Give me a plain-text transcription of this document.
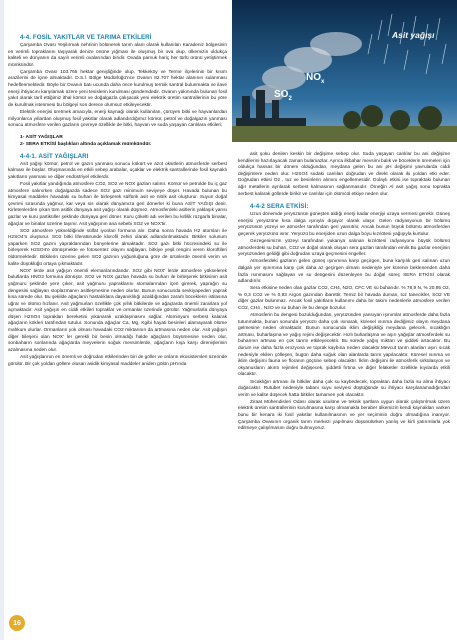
4-4. FOSİL YAKITLAR VE TARIMA ETKİLERİ

Çarşamba Ovası Yeşilırmak nehrinin bölünerek tarım alanı olarak kullanılan Karadeniz bölgesinin en verimli topraklarını taşıyarak denize önüne yığması ile oluşmuş bir ova olup, ülkemizin oldukça kaliteli ve dünyanın da sayılı verimli ovalarından biridir. Ovada pamuk hariç her türlü ürünü yetiştirmek mümkündür.

Çarşamba Ovası 103.765 hektar genişliğinde olup, Tekkeköy ve Terme ilçelerinin bir kısım arazilerini de içine almaktadır. D.S.İ. Bölge Müdürlüğü'nce Ovanın 82.707 hektar alanının sulanması hedeflenmektedir. Böyle bir Ovanın batı ucunda daha önce kurulmuş termik santral bulunmakta ve ilave enerji ihtiyacını karşılamak üzere yeni tesislerin kurulması gündemdedir. Ovanın yakınında bulunan fosil yakıt olarak tarif ettiğimiz ithal kömür ve doğalgazla çalışacak yeni elektrik üretim santrallerinin bu yöre de kurulmak istenmesi bu bölgeyi son derece olumsuz etkileyecektir.

Elektrik enerjisi üretmek amacıyla, enerji kaynağı olarak kullanılan, çürüyen bitki ve hayvanlardan milyonlarca yıllardan oluşmuş fosil yakıtlar olarak adlandırdığımız kömür, petrol ve doğalgazın yanması sonucu atmosfere verilen gazların çevreye özellikle de bitki, hayvan ve suda yaşayan canlılara etkileri;

1- ASİT YAĞIŞLAR
2- SERA ETKİSİ başlıkları altında açıklamak mümkündür.
4-4-1. ASİT YAĞIŞLARI

Asit yağışı kömür, petrol ve gazın yanması sonucu kükürt ve azot oksitlerin atmosferde serbest kalması ile başlar. Oluşmasında en etkili sebep arabalar, uçaklar ve elektrik santrallerinde fosil kaynaklı yakıtların yanması ve diğer endüstriyel etkilerdir.

Fosil yakıtlar yandığında atmosfere CO2, SO2 ve NOX gazları salınır. Kömür ve petrolde bu iç gaz atmosfere salınırken doğalgazda sadece SO2 gazı minimum seviyeye düşer. Havada bulunan bu kimyasal maddeler havadaki su buharı ile birleşerek sülfürik asit ve nitrik asit oluşturur. Suyun doğal çevrimi sırasında yağmur, kar veya sis olarak dünyamıza geri dönerler ki buna ASİT YAĞIŞI denir. Kirletenlerden çıkan tüm asitlik dünyaya asit yağışı olarak düşmez. Atmosferdeki asitlerin yaklaşık yarısı gazlar ve kuru partiküller şeklinde dünyaya geri döner. Kuru çökelti adı verilen bu kirlilik rüzgarla binalar, ağaçlar ve binalar üzerine taşınır. Asit yağışının ana sebebi SO2 ve NOX'tir.

SO2 atmosfere yükseldiğinde sülfat iyonları formuna alır. Daha sonra havada H2 atomları ile H2SO4'ü oluşturur. SO2 bitki liferatürunde klorofil zehiri olarak adlandırılmaktadır. Bitkiler solunum yaparken SO2 gazını yapraklarından bünyelerine almaktadır. SO2 gazı bitki hücresindeki su ile birleşerek H2SO4'e dönüşmekte ve fotosentez olayını sağlayan, bitkiye yeşil rengini veren kloroftileri öldürmektedir. Bitkilerin üzerine gelen SO2 gazının yoğunluğuna göre de ürünlerde önemli verim ve kalite düşüklüğü ortaya çıkmaktadır.

NOX' lerde asit yağışın önemli elemanlarındandır. SO2 gibi NOX' lerde atmosfere yükselerek bulutlarda HNO3 formuna dönüşür. SO2 ve NOX gazları havada su buharı ile birleşerek bitkisinin asit yağmuru şeklinde yere çıker, asit yağmuru yapraklarını stomalarından içeri girerek, yaprağın su dengesini sağlayan stoplazmanın asitleşmesine neden olurlar. Bunun sonucunda sevkiyapeden yaprak kısa sürede olur. Bu şekilde ağaçların hastalıklara dayanıklılığı azaldığından zararlı böceklerin istilasına uğrar ve ölümü hızlanır. Asit yağmurları özellikle çok yıllık bitkilerde ve ağaçlarda önemli zararlara yol açmaktadır. Asit yağışın en ciddi etkileri topraklar ve ormanlar üzerinde görülür. Yağmurlarla dünyaya düşen H2SO4 toprakları bereketini yıkanarak uzaklaşmasını sağlar. Alüminyum serbest kalarak ağaçların kökleri tarafından tutulur. Sonunda ağaçlar Ca, Mg, Kgibi hayati besinleri alamayarak ölüme mahkum olurlar. Ormanların yok olması havadaki CO2 miktarının da artmasına neden olur. Asit yağışın diğer bileşeni olan NOX' ler gerekli bir besin olmadığı halde ağaçların büyümesine neden olur, sonbaharın sonlarında ağaçlarda meyvelerin soğuk mevsimlerde, ağaçların kışa karşı direnişlerinin azalmasına neden olur.

Asit yağışlarının en önemli ve doğrudan etkilerinden biri de göller ve onların ekosistemleri üzerinde görülür. Bir çok yoldan göllere olusan asidik kimyasal maddeler aniden gölün pH'ında

$SO_2$
$NO_x$
Asit yağışı

asit şoku denilen keskin bir değişime sebep olur. Suda yaşayan canlılar bu ani değişime kendilerini hazırlayacak zaman bulamazlar. Ayrıca ilkbahar mevsimi balık ve böceklerin üremeleri için oldukça hassas bir dönem olduğundan, meydana gelen bu ani pH değişimi yavrularda ciddi değişimlere neden olur. H2SO4 sudaki canlıları doğrudan ve direkt olarak iki yoldan etki eder. Doğrudan etkisi O2 , tuz ve besinlerin alımını engellemesidir. Dolaylı etkisi ise topraktaki bulunan ağır metallerin ayrılarak serbest kalmasının sağlanmasıdır. Örneğin Al asit yağış sonu toprakta serbest kalarak göllerde birikir ve canlılar için ölümcül etkiye neden olur.

4-4-2 SERA ETKİSİ:

Uzun dönemde yeryüzünün güneşten aldığı enerji kadar enerjiyi uzaya vermesi gerekir. Güneş enerjisi yeryüzüne kısa dalga ışınıyla dışayor olarak ulaşır. Gelen radyasyonun bir bölümü yeryüzünün yüzeyi ve atmosfer tarafından geri yansıtılır. Ancak bunun büyük bölümü atmosferden geçerek yeryüzünü ısıtır. Yeryüzü bu enerjiden uzun dalga boyu kızılötesi yağışıyla kurtulur.

Gezegenimizin yüzeyi tarafından yukarıya salınan kızılötesi radyasyonu büyük bölümü atmosferdeki su buharı, CO2 ve doğal olarak oluşan sera gazları tarafından emilir.Bu gazlar enerjinin yeryüzünden geldiği gibi doğrudan uzaya geçmesini engeller.

Atmosferdeki gazların gelen güneş ışınımına karşı geçirgen, buna karşılık geri salınan uzun dalgalı yer ışınımına karşı çok daha az geçirgen olması nedeniyle yer kürenin beklenenden daha fazla ısınmasını sağlayan ve su dengesini düzenleyen bu doğal süreç SERA ETKİSİ olarak adlandırılır.

Sera etkisine neden olan gazlar CO2, CH4, N2O, CFC VE su buharıdır. % 78,9 N, % 20,95 O2, % 0,3 CO2 ve % 0,93 Argon gazından ibarettir. Temiz bir havada duman, toz tanecikler, SO2 VE diğer gazlar bulunmaz. Ancak fosil yakıtların kullanımı daha bir takım nedenlerle atmosfere verilen CO2, CH4 , N2O ve su buharı ile bu denge bozulur.

Atmosferin bu dengesi bozulduğundan, yeryüzünden yansıyan ışınımlar atmosferde daha fazla tutunmakta, bunun sonunda yeryüzü daha çok ısınarak, küresel ısınma dediğimiz olayın meydana gelmesine neden olmaktadır. Bunun sonucunda iklim değişikliği meydana gelecek, sıcaklığın artması, buharlaşma ve yağış rejimi değişecektir. Hızlı buharlaşma ve aşırı yağışlar atmosferdeki su buharının artması en çok tarımı etkileyecektir. Bu sürede yağış miktarı ve şiddeti artacaktır. Bu durum ise daha fazla erozyona ve toprak kaybına neden olacaktır.Mevcut tarım alanları aşırı sıcak nedeniyle ekilen çölleşen, bugün daha soğuk olan alanlarda tarım yapılacaktır. Küresel ısınma ve iklim değişimi fauna ve floranın göçüne sebep olacaktır. İklim değişimi ile atmosferik sirkülasyon ve okyanusların akıntı rejimleri değişecek, şiddetli fırtına ve diğer felaketler özellikle kıyılarda etkili olacaktır.

Sıcaklığın artması ile bitkiler daha çok su kaybedecek, topraktan daha fazla su alma ihtiyacı doğacaktır. Rutubet nedeniyle tabanı suyu seviyesi düştüğünde su ihtiyacı karşılanamadığından verim ve kalite düşecek hatta bitkiler tamamen yok olacaktır.

Ziraat Mühendisleri Odası olarak usulüne ve teknik şartlara uygun olarak çalıştırılmak üzere elektrik üretim santrallerinin kurulmasına karşı olmamakla beraber ülkemizin kendi kaynakları varken bunu bir kenara iki fosil yakıtlar kullanılmasının ve yer seçiminin doğru olmadığına inanıyor. Çarşamba Ovasının organik tarım merkezi yapılması düşünülürken yanlış ve kirli yatırımlarla yok edilmeye çalışılmasını doğru bulmuyoruz.

16
